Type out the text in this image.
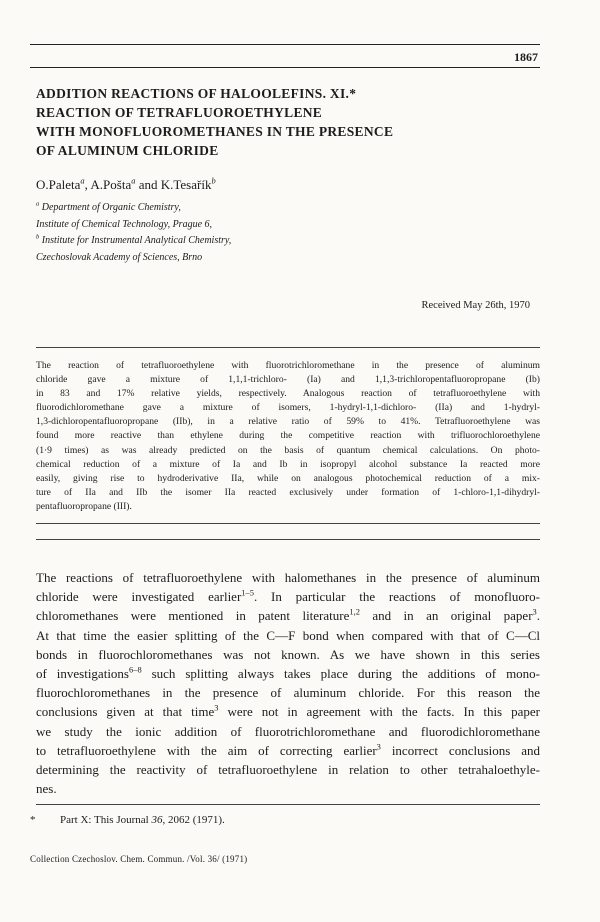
1867
ADDITION REACTIONS OF HALOOLEFINS. XI.*
REACTION OF TETRAFLUOROETHYLENE
WITH MONOFLUOROMETHANES IN THE PRESENCE
OF ALUMINUM CHLORIDE
O.Paleta$^a$, A.Pošta$^a$ and K.Tesařík$^b$
$^a$ Department of Organic Chemistry,
Institute of Chemical Technology, Prague 6,
$^b$ Institute for Instrumental Analytical Chemistry,
Czechoslovak Academy of Sciences, Brno
Received May 26th, 1970
The reaction of tetrafluoroethylene with fluorotrichloromethane in the presence of aluminum
chloride gave a mixture of 1,1,1-trichloro- (Ia) and 1,1,3-trichloropentafluoropropane (Ib)
in 83 and 17% relative yields, respectively. Analogous reaction of tetrafluoroethylene with
fluorodichloromethane gave a mixture of isomers, 1-hydryl-1,1-dichloro- (IIa) and 1-hydryl-
1,3-dichloropentafluoropropane (IIb), in a relative ratio of 59% to 41%. Tetrafluoroethylene was
found more reactive than ethylene during the competitive reaction with trifluorochloroethylene
(1·9 times) as was already predicted on the basis of quantum chemical calculations. On photo-
chemical reduction of a mixture of Ia and Ib in isopropyl alcohol substance Ia reacted more
easily, giving rise to hydroderivative IIa, while on analogous photochemical reduction of a mix-
ture of IIa and IIb the isomer IIa reacted exclusively under formation of 1-chloro-1,1-dihydryl-
pentafluoropropane (III).
The reactions of tetrafluoroethylene with halomethanes in the presence of aluminum
chloride were investigated earlier$^{1-5}$. In particular the reactions of monofluoro-
chloromethanes were mentioned in patent literature$^{1,2}$ and in an original paper$^3$.
At that time the easier splitting of the C—F bond when compared with that of C—Cl
bonds in fluorochloromethanes was not known. As we have shown in this series
of investigations$^{6-8}$ such splitting always takes place during the additions of mono-
fluorochloromethanes in the presence of aluminum chloride. For this reason the
conclusions given at that time$^3$ were not in agreement with the facts. In this paper
we study the ionic addition of fluorotrichloromethane and fluorodichloromethane
to tetrafluoroethylene with the aim of correcting earlier$^3$ incorrect conclusions and
determining the reactivity of tetrafluoroethylene in relation to other tetrahaloethyle-
nes.
* Part X: This Journal 36, 2062 (1971).
Collection Czechoslov. Chem. Commun. /Vol. 36/ (1971)
